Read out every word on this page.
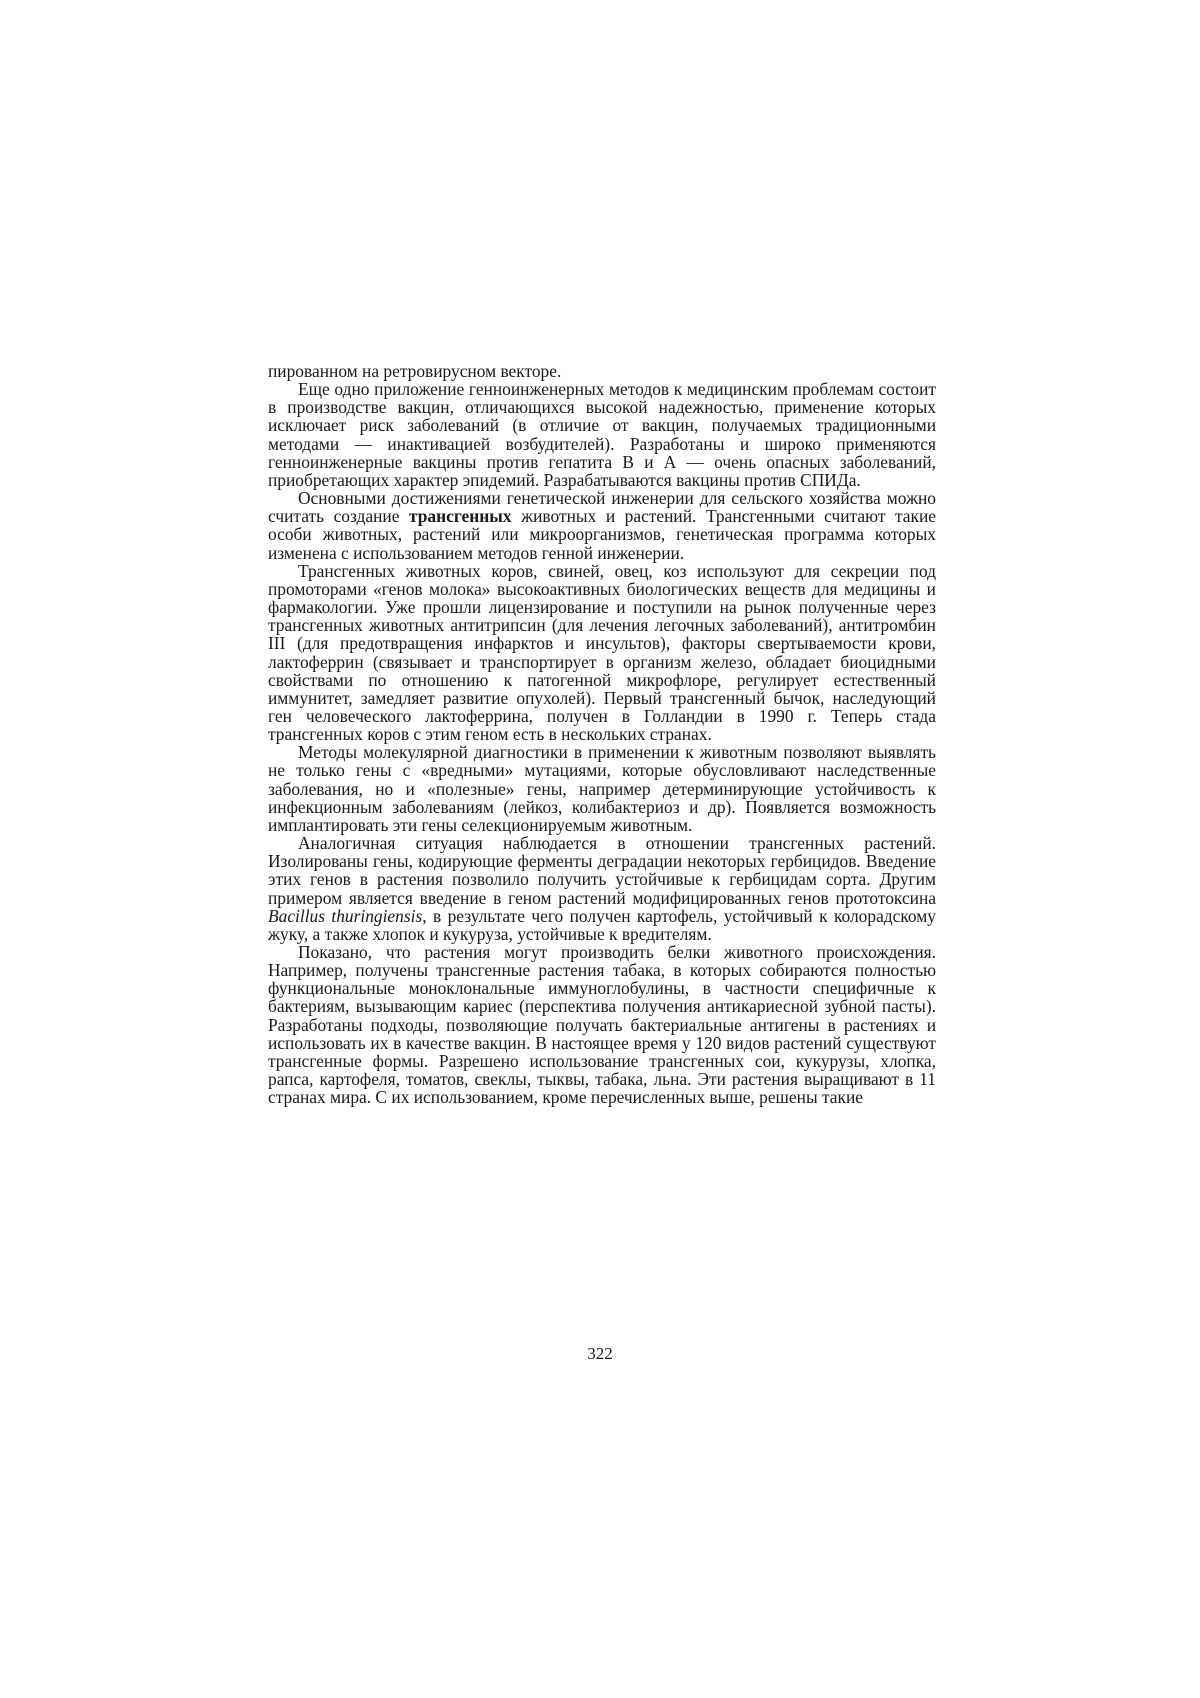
пированном на ретровирусном векторе.

Еще одно приложение генноинженерных методов к медицинским проблемам состоит в производстве вакцин, отличающихся высокой надежностью, применение которых исключает риск заболеваний (в отличие от вакцин, получаемых традиционными методами — инактивацией возбудителей). Разработаны и широко применяются генноинженерные вакцины против гепатита В и А — очень опасных заболеваний, приобретающих характер эпидемий. Разрабатываются вакцины против СПИДа.

Основными достижениями генетической инженерии для сельского хозяйства можно считать создание трансгенных животных и растений. Трансгенными считают такие особи животных, растений или микроорганизмов, генетическая программа которых изменена с использованием методов генной инженерии.

Трансгенных животных коров, свиней, овец, коз используют для секреции под промоторами «генов молока» высокоактивных биологических веществ для медицины и фармакологии. Уже прошли лицензирование и поступили на рынок полученные через трансгенных животных антитрипсин (для лечения легочных заболеваний), антитромбин III (для предотвращения инфарктов и инсультов), факторы свертываемости крови, лактоферрин (связывает и транспортирует в организм железо, обладает биоцидными свойствами по отношению к патогенной микрофлоре, регулирует естественный иммунитет, замедляет развитие опухолей). Первый трансгенный бычок, наследующий ген человеческого лактоферрина, получен в Голландии в 1990 г. Теперь стада трансгенных коров с этим геном есть в нескольких странах.

Методы молекулярной диагностики в применении к животным позволяют выявлять не только гены с «вредными» мутациями, которые обусловливают наследственные заболевания, но и «полезные» гены, например детерминирующие устойчивость к инфекционным заболеваниям (лейкоз, колибактериоз и др). Появляется возможность имплантировать эти гены селекционируемым животным.

Аналогичная ситуация наблюдается в отношении трансгенных растений. Изолированы гены, кодирующие ферменты деградации некоторых гербицидов. Введение этих генов в растения позволило получить устойчивые к гербицидам сорта. Другим примером является введение в геном растений модифицированных генов прототоксина Bacillus thuringiensis, в результате чего получен картофель, устойчивый к колорадскому жуку, а также хлопок и кукуруза, устойчивые к вредителям.

Показано, что растения могут производить белки животного происхождения. Например, получены трансгенные растения табака, в которых собираются полностью функциональные моноклональные иммуноглобулины, в частности специфичные к бактериям, вызывающим кариес (перспектива получения антикариесной зубной пасты). Разработаны подходы, позволяющие получать бактериальные антигены в растениях и использовать их в качестве вакцин. В настоящее время у 120 видов растений существуют трансгенные формы. Разрешено использование трансгенных сои, кукурузы, хлопка, рапса, картофеля, томатов, свеклы, тыквы, табака, льна. Эти растения выращивают в 11 странах мира. С их использованием, кроме перечисленных выше, решены такие

322
